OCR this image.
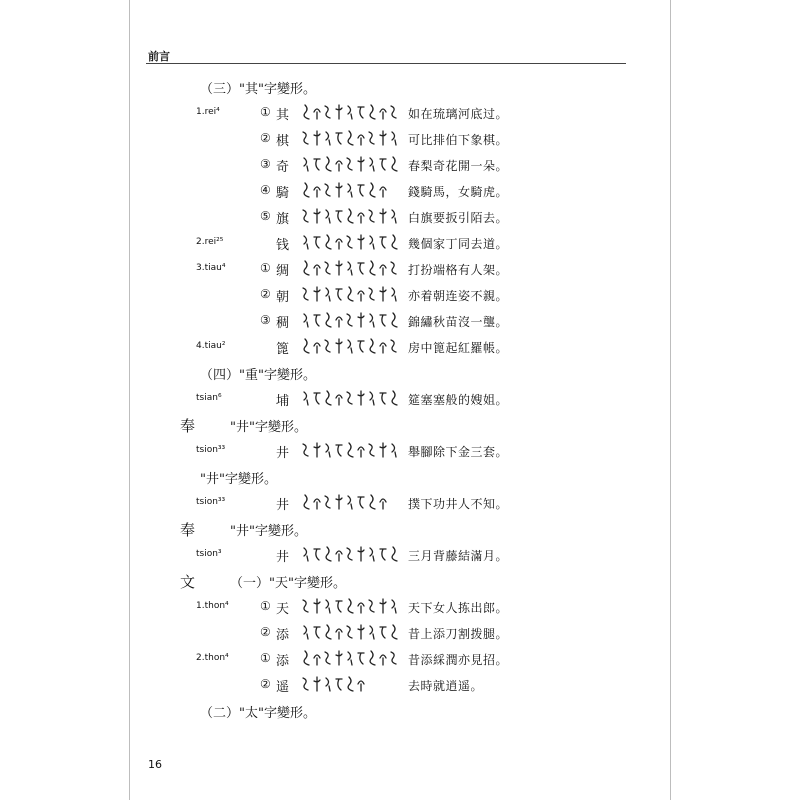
前言
（三）"其"字變形。
1.rei⁴	① 其	如在琉璃河底过。
② 棋	可比排伯下象棋。
③ 奇	春梨奇花開一朵。
④ 騎	錢騎馬，女騎虎。
⑤ 旗	白旗要扳引陌去。
2.rei²⁵	钱	幾個家丁同去道。
3.tiau⁴	① 绸	打扮端格有人架。
② 朝	亦着朝连姿不親。
③ 稠	錦繡秋苗沒一壟。
4.tiau²	篦	房中篦起紅羅帳。
（四）"重"字變形。
tsian⁶	埔	筵塞塞般的嫂姐。
奉	"井"字變形。
tsion³³	井	舉腳除下金三套。
"井"字變形。
tsion³³	井	撲下功井人不知。
奉	"井"字變形。
tsion³	井	三月背藤結滿月。
文	（一）"天"字變形。
1.thon⁴	① 天	天下女人拣出郎。
② 添	昔上添刀割拨腿。
2.thon⁴	① 添	昔添綵潤亦見招。
② 遥	去時就逍遥。
（二）"太"字變形。
16
